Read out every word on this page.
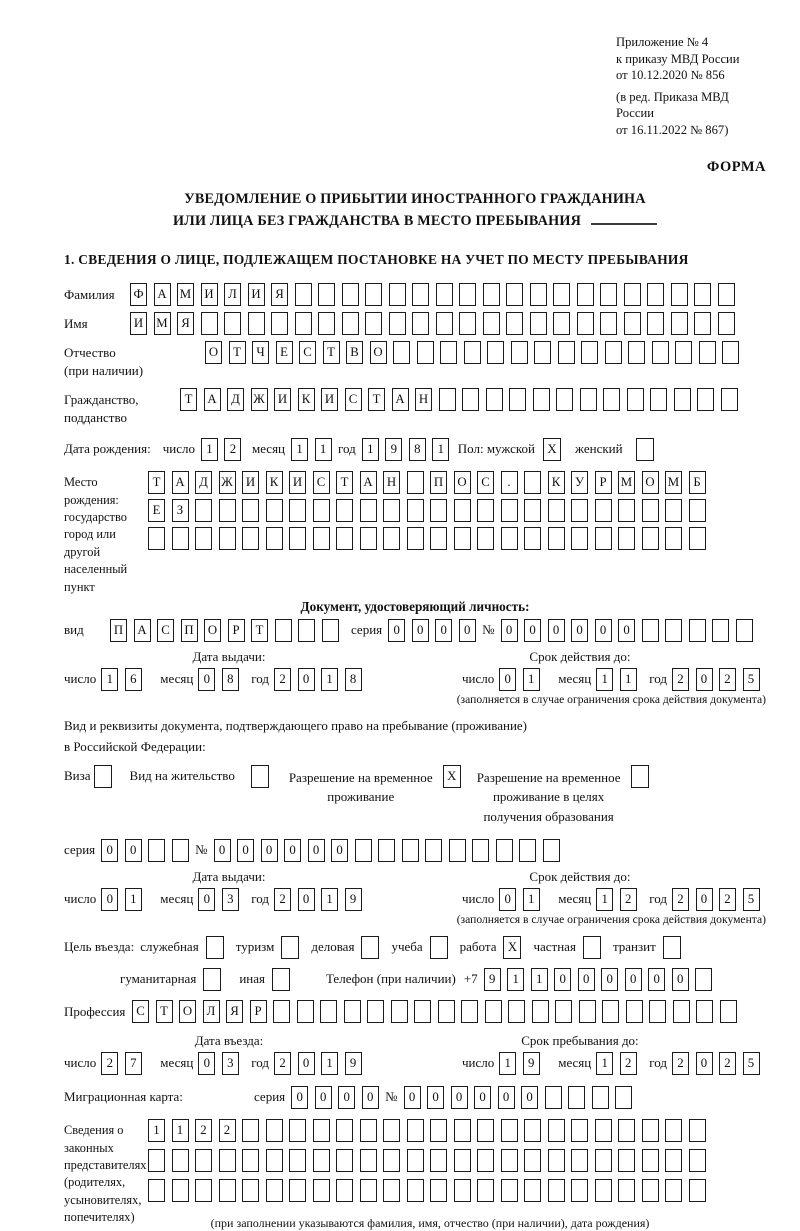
Приложение № 4
к приказу МВД России
от 10.12.2020 № 856
(в ред. Приказа МВД России
от 16.11.2022 № 867)
ФОРМА
УВЕДОМЛЕНИЕ О ПРИБЫТИИ ИНОСТРАННОГО ГРАЖДАНИНА
ИЛИ ЛИЦА БЕЗ ГРАЖДАНСТВА В МЕСТО ПРЕБЫВАНИЯ
1. СВЕДЕНИЯ О ЛИЦЕ, ПОДЛЕЖАЩЕМ ПОСТАНОВКЕ НА УЧЕТ ПО МЕСТУ ПРЕБЫВАНИЯ
Фамилия	Ф	А	М	И	Л	И	Я
Имя	И	М	Я
Отчество
(при наличии)
О	Т	Ч	Е	С	Т	В	О
Гражданство,
подданство
Т	А	Д	Ж	И	К	И	С	Т	А	Н
Дата рождения: число 1	2	месяц 1	1 год 1	9	8	1	Пол: мужской X	женский
Место рождения:
государство
город или другой
населенный пункт
Т	А	Д	Ж	И	К	И	С	Т	А	Н	П	О	С	.	К	У	Р	М	О	М	Б
Е	З
Документ, удостоверяющий личность:
вид	П	А	С	П	О	Р	Т	серия 0	0	0	0 № 0	0	0	0	0	0
Дата выдачи:	Срок действия до:
число 1	6	месяц 0	8	год 2	0	1	8	число 0	1	месяц 1	1	год 2	0	2	5
(заполняется в случае ограничения срока действия документа)
Вид и реквизиты документа, подтверждающего право на пребывание (проживание)
в Российской Федерации:
Виза	Вид на жительство	Разрешение на временное
проживание
X	Разрешение на временное
проживание в целях
получения образования
серия 0	0	№ 0	0	0	0	0	0
Дата выдачи:	Срок действия до:
число 0	1	месяц 0	3	год 2	0	1	9	число 0	1	месяц 1	2	год 2	0	2	5
(заполняется в случае ограничения срока действия документа)
Цель въезда: служебная	туризм	деловая	учеба	работа X	частная	транзит
гуманитарная	иная	Телефон (при наличии) +7 9	1	1	0	0	0	0	0	0
Профессия С	Т	О	Л	Я	Р
Дата въезда:	Срок пребывания до:
число 2	7	месяц 0	3	год 2	0	1	9	число 1	9	месяц 1	2	год 2	0	2	5
Миграционная карта:	серия 0	0	0	0 № 0	0	0	0	0	0
Сведения о
законных
представителях
(родителях,
усыновителях,
попечителях)
1	1	2	2
(при заполнении указываются фамилия, имя, отчество (при наличии), дата рождения)
